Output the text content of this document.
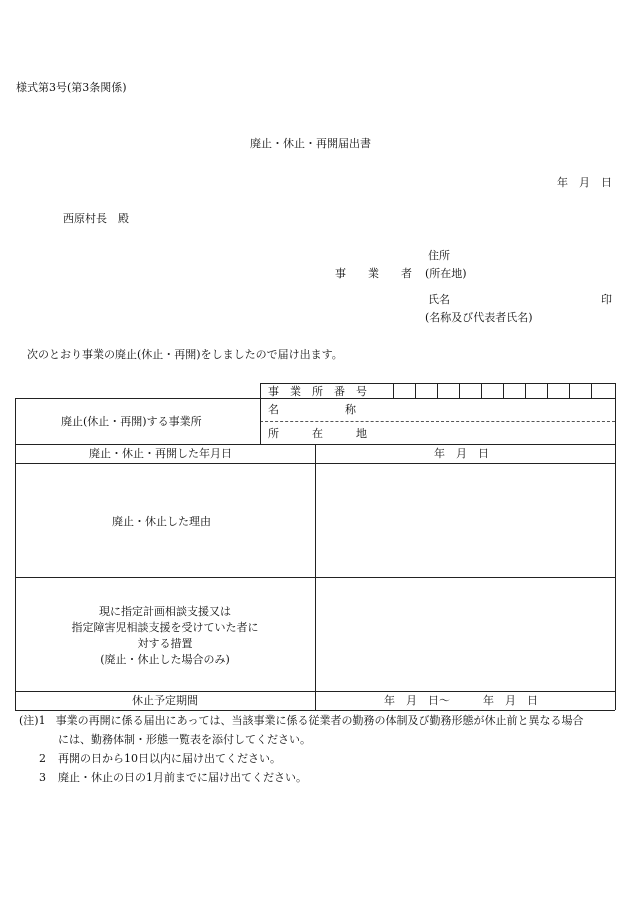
様式第3号(第3条関係)
廃止・休止・再開届出書
年　月　日
西原村長　殿
住所
事　　業　　者 (所在地)
氏名	印
(名称及び代表者氏名)
次のとおり事業の廃止(休止・再開)をしましたので届け出ます。
事　業　所　番　号
廃止(休止・再開)する事業所
名　　　　　　称
所　　　在　　　地
廃止・休止・再開した年月日	年　月　日
廃止・休止した理由
現に指定計画相談支援又は
指定障害児相談支援を受けていた者に
対する措置
(廃止・休止した場合のみ)
休止予定期間	年　月　日～　　　年　月　日
(注)1 事業の再開に係る届出にあっては、当該事業に係る従業者の勤務の体制及び勤務形態が休止前と異なる場合
には、勤務体制・形態一覧表を添付してください。
2 再開の日から10日以内に届け出てください。
3 廃止・休止の日の1月前までに届け出てください。
